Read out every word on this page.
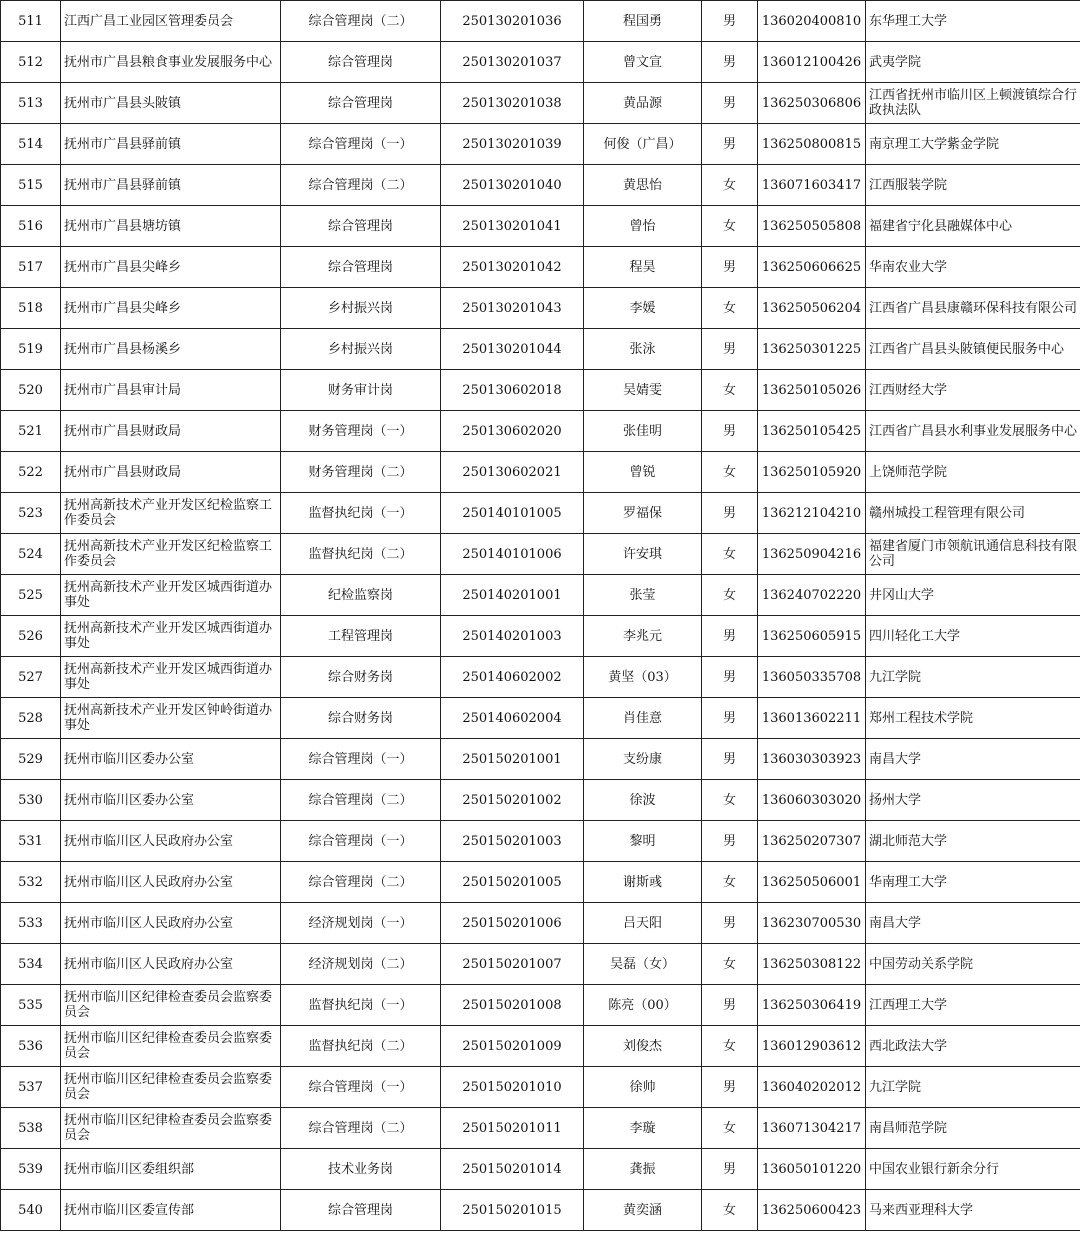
511	江西广昌工业园区管理委员会	综合管理岗（二）	250130201036	程国勇	男	136020400810	东华理工大学
512	抚州市广昌县粮食事业发展服务中心	综合管理岗	250130201037	曾文宣	男	136012100426	武夷学院
513	抚州市广昌县头陂镇	综合管理岗	250130201038	黄品源	男	136250306806	江西省抚州市临川区上顿渡镇综合行政执法队
514	抚州市广昌县驿前镇	综合管理岗（一）	250130201039	何俊（广昌）	男	136250800815	南京理工大学紫金学院
515	抚州市广昌县驿前镇	综合管理岗（二）	250130201040	黄思怡	女	136071603417	江西服装学院
516	抚州市广昌县塘坊镇	综合管理岗	250130201041	曾怡	女	136250505808	福建省宁化县融媒体中心
517	抚州市广昌县尖峰乡	综合管理岗	250130201042	程昊	男	136250606625	华南农业大学
518	抚州市广昌县尖峰乡	乡村振兴岗	250130201043	李媛	女	136250506204	江西省广昌县康赣环保科技有限公司
519	抚州市广昌县杨溪乡	乡村振兴岗	250130201044	张泳	男	136250301225	江西省广昌县头陂镇便民服务中心
520	抚州市广昌县审计局	财务审计岗	250130602018	吴婧雯	女	136250105026	江西财经大学
521	抚州市广昌县财政局	财务管理岗（一）	250130602020	张佳明	男	136250105425	江西省广昌县水利事业发展服务中心
522	抚州市广昌县财政局	财务管理岗（二）	250130602021	曾锐	女	136250105920	上饶师范学院
523	抚州高新技术产业开发区纪检监察工作委员会	监督执纪岗（一）	250140101005	罗福保	男	136212104210	赣州城投工程管理有限公司
524	抚州高新技术产业开发区纪检监察工作委员会	监督执纪岗（二）	250140101006	许安琪	女	136250904216	福建省厦门市领航讯通信息科技有限公司
525	抚州高新技术产业开发区城西街道办事处	纪检监察岗	250140201001	张莹	女	136240702220	井冈山大学
526	抚州高新技术产业开发区城西街道办事处	工程管理岗	250140201003	李兆元	男	136250605915	四川轻化工大学
527	抚州高新技术产业开发区城西街道办事处	综合财务岗	250140602002	黄坚（03）	男	136050335708	九江学院
528	抚州高新技术产业开发区钟岭街道办事处	综合财务岗	250140602004	肖佳意	男	136013602211	郑州工程技术学院
529	抚州市临川区委办公室	综合管理岗（一）	250150201001	支纷康	男	136030303923	南昌大学
530	抚州市临川区委办公室	综合管理岗（二）	250150201002	徐波	女	136060303020	扬州大学
531	抚州市临川区人民政府办公室	综合管理岗（一）	250150201003	黎明	男	136250207307	湖北师范大学
532	抚州市临川区人民政府办公室	综合管理岗（二）	250150201005	谢斯彧	女	136250506001	华南理工大学
533	抚州市临川区人民政府办公室	经济规划岗（一）	250150201006	吕天阳	男	136230700530	南昌大学
534	抚州市临川区人民政府办公室	经济规划岗（二）	250150201007	吴磊（女）	女	136250308122	中国劳动关系学院
535	抚州市临川区纪律检查委员会监察委员会	监督执纪岗（一）	250150201008	陈亮（00）	男	136250306419	江西理工大学
536	抚州市临川区纪律检查委员会监察委员会	监督执纪岗（二）	250150201009	刘俊杰	女	136012903612	西北政法大学
537	抚州市临川区纪律检查委员会监察委员会	综合管理岗（一）	250150201010	徐帅	男	136040202012	九江学院
538	抚州市临川区纪律检查委员会监察委员会	综合管理岗（二）	250150201011	李璇	女	136071304217	南昌师范学院
539	抚州市临川区委组织部	技术业务岗	250150201014	龚振	男	136050101220	中国农业银行新余分行
540	抚州市临川区委宣传部	综合管理岗	250150201015	黄奕涵	女	136250600423	马来西亚理科大学
